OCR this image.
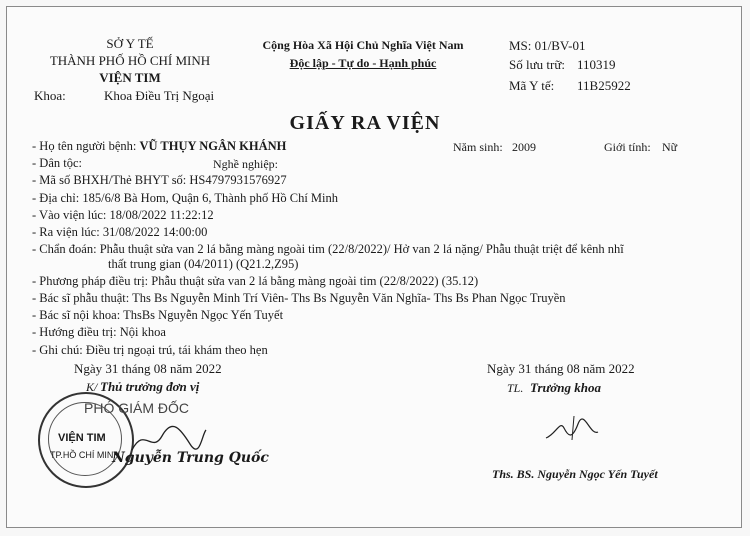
SỞ Y TẾ
THÀNH PHỐ HỒ CHÍ MINH
VIỆN TIM
Khoa:	Khoa Điều Trị Ngoại
Cộng Hòa Xã Hội Chủ Nghĩa Việt Nam
Độc lập - Tự do - Hạnh phúc
MS: 01/BV-01
Số lưu trữ: 110319
Mã Y tế: 11B25922
GIẤY RA VIỆN
- Họ tên người bệnh: VŨ THỤY NGÂN KHÁNH	Năm sinh: 2009	Giới tính: Nữ
- Dân tộc:	Nghề nghiệp:
- Mã số BHXH/Thẻ BHYT số: HS4797931576927
- Địa chỉ: 185/6/8 Bà Hom, Quận 6, Thành phố Hồ Chí Minh
- Vào viện lúc: 18/08/2022 11:22:12
- Ra viện lúc: 31/08/2022 14:00:00
- Chẩn đoán: Phẫu thuật sửa van 2 lá bằng màng ngoài tim (22/8/2022)/ Hở van 2 lá nặng/ Phẫu thuật triệt để kênh nhĩ
thất trung gian (04/2011) (Q21.2,Z95)
- Phương pháp điều trị: Phẫu thuật sửa van 2 lá bằng màng ngoài tim (22/8/2022) (35.12)
- Bác sĩ phẫu thuật: Ths Bs Nguyễn Minh Trí Viên- Ths Bs Nguyễn Văn Nghĩa- Ths Bs Phan Ngọc Truyền
- Bác sĩ nội khoa: ThsBs Nguyễn Ngọc Yến Tuyết
- Hướng điều trị: Nội khoa
- Ghi chú: Điều trị ngoại trú, tái khám theo hẹn
Ngày 31 tháng 08 năm 2022
K/ Thủ trưởng đơn vị
PHÓ GIÁM ĐỐC
VIỆN TIM
TP.HỒ CHÍ MINH
Nguyễn Trung Quốc
Ngày 31 tháng 08 năm 2022
TL. Trưởng khoa
Ths. BS. Nguyễn Ngọc Yến Tuyết
